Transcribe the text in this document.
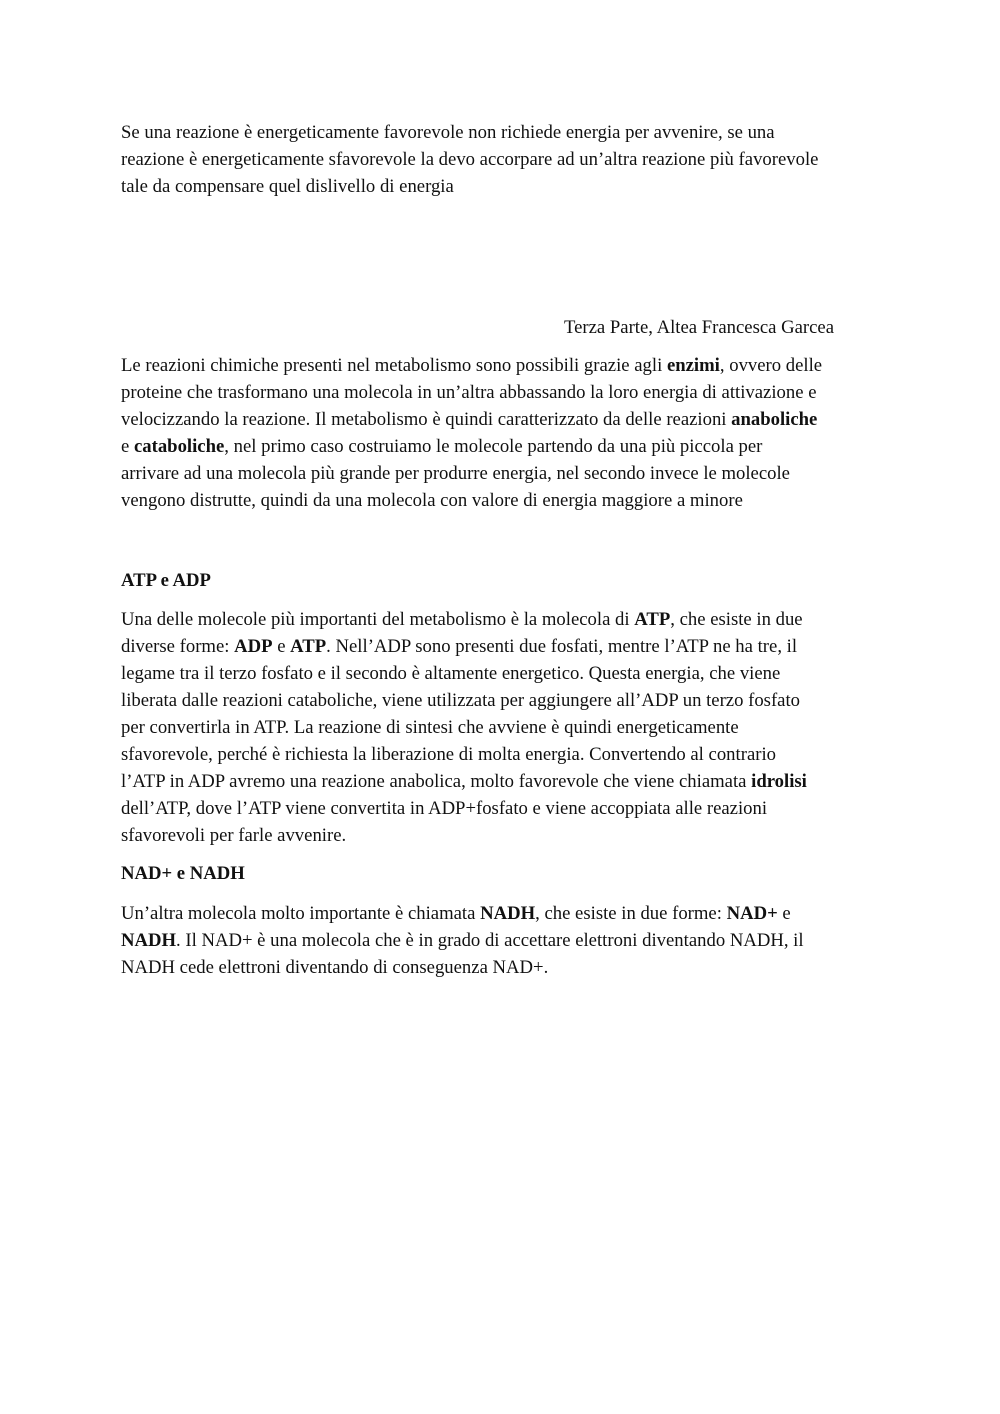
Se una reazione è energeticamente favorevole non richiede energia per avvenire, se una
reazione è energeticamente sfavorevole la devo accorpare ad un’altra reazione più favorevole
tale da compensare quel dislivello di energia
Terza Parte, Altea Francesca Garcea
Le reazioni chimiche presenti nel metabolismo sono possibili grazie agli enzimi, ovvero delle
proteine che trasformano una molecola in un’altra abbassando la loro energia di attivazione e
velocizzando la reazione. Il metabolismo è quindi caratterizzato da delle reazioni anaboliche
e cataboliche, nel primo caso costruiamo le molecole partendo da una più piccola per
arrivare ad una molecola più grande per produrre energia, nel secondo invece le molecole
vengono distrutte, quindi da una molecola con valore di energia maggiore a minore
ATP e ADP
Una delle molecole più importanti del metabolismo è la molecola di ATP, che esiste in due
diverse forme: ADP e ATP. Nell’ADP sono presenti due fosfati, mentre l’ATP ne ha tre, il
legame tra il terzo fosfato e il secondo è altamente energetico. Questa energia, che viene
liberata dalle reazioni cataboliche, viene utilizzata per aggiungere all’ADP un terzo fosfato
per convertirla in ATP. La reazione di sintesi che avviene è quindi energeticamente
sfavorevole, perché è richiesta la liberazione di molta energia. Convertendo al contrario
l’ATP in ADP avremo una reazione anabolica, molto favorevole che viene chiamata idrolisi
dell’ATP, dove l’ATP viene convertita in ADP+fosfato e viene accoppiata alle reazioni
sfavorevoli per farle avvenire.
NAD+ e NADH
Un’altra molecola molto importante è chiamata NADH, che esiste in due forme: NAD+ e
NADH. Il NAD+ è una molecola che è in grado di accettare elettroni diventando NADH, il
NADH cede elettroni diventando di conseguenza NAD+.
